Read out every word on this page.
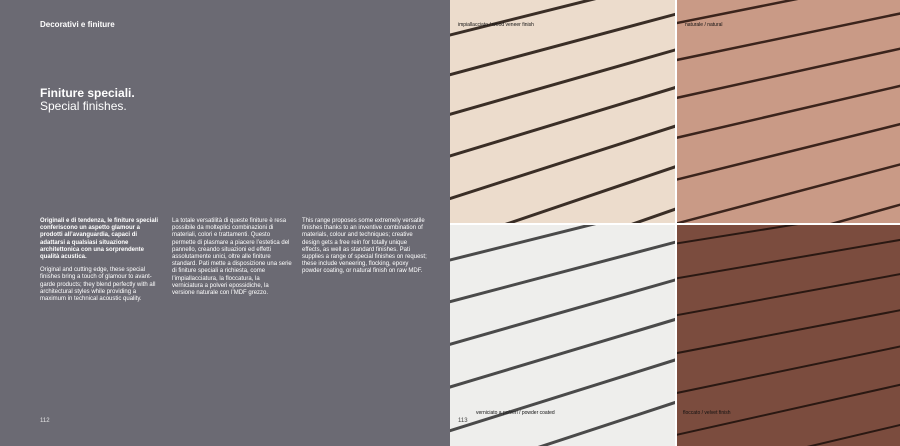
Decorativi e finiture
Finiture speciali.
Special finishes.

Originali e di tendenza, le finiture speciali conferiscono un aspetto glamour a prodotti all’avanguardia, capaci di adattarsi a qualsiasi situazione architettonica con una sorprendente qualità acustica.

Original and cutting edge, these special finishes bring a touch of glamour to avant-garde products; they blend perfectly with all architectural styles while providing a maximum in technical acoustic quality.

La totale versatilità di queste finiture è resa possibile da molteplici combinazioni di materiali, colori e trattamenti. Questo permette di plasmare a piacere l’estetica del pannello, creando situazioni ed effetti assolutamente unici, oltre alle finiture standard. Pati mette a disposizione una serie di finiture speciali a richiesta, come l’impiallacciatura, la floccatura, la verniciatura a polveri epossidiche, la versione naturale con l’MDF grezzo.

This range proposes some extremely versatile finishes thanks to an inventive combination of materials, colour and techniques; creative design gets a free rein for totally unique effects, as well as standard finishes. Pati supplies a range of special finishes on request; these include veneering, flocking, epoxy powder coating, or natural finish on raw MDF.

112
impiallacciato / wood veneer finish	naturale / natural
verniciato a polveri / powder coated	floccato / velvet finish
113
